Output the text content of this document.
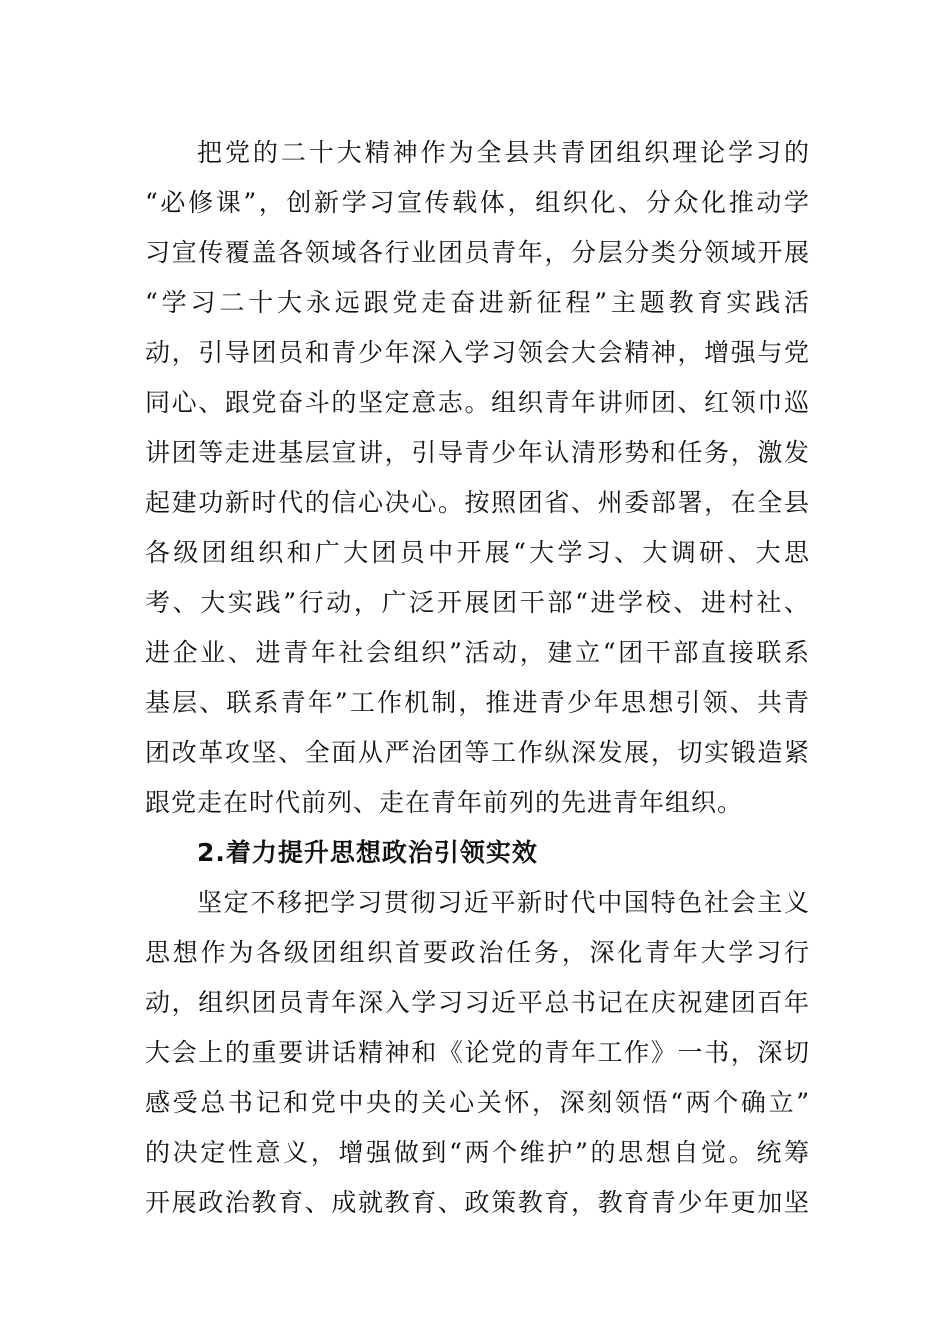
把党的二十大精神作为全县共青团组织理论学习的
“必修课”，创新学习宣传载体，组织化、分众化推动学
习宣传覆盖各领域各行业团员青年，分层分类分领域开展
“学习二十大永远跟党走奋进新征程”主题教育实践活
动，引导团员和青少年深入学习领会大会精神，增强与党
同心、跟党奋斗的坚定意志。组织青年讲师团、红领巾巡
讲团等走进基层宣讲，引导青少年认清形势和任务，激发
起建功新时代的信心决心。按照团省、州委部署，在全县
各级团组织和广大团员中开展“大学习、大调研、大思
考、大实践”行动，广泛开展团干部“进学校、进村社、
进企业、进青年社会组织”活动，建立“团干部直接联系
基层、联系青年”工作机制，推进青少年思想引领、共青
团改革攻坚、全面从严治团等工作纵深发展，切实锻造紧
跟党走在时代前列、走在青年前列的先进青年组织。
2.着力提升思想政治引领实效
坚定不移把学习贯彻习近平新时代中国特色社会主义
思想作为各级团组织首要政治任务，深化青年大学习行
动，组织团员青年深入学习习近平总书记在庆祝建团百年
大会上的重要讲话精神和《论党的青年工作》一书，深切
感受总书记和党中央的关心关怀，深刻领悟“两个确立”
的决定性意义，增强做到“两个维护”的思想自觉。统筹
开展政治教育、成就教育、政策教育，教育青少年更加坚
